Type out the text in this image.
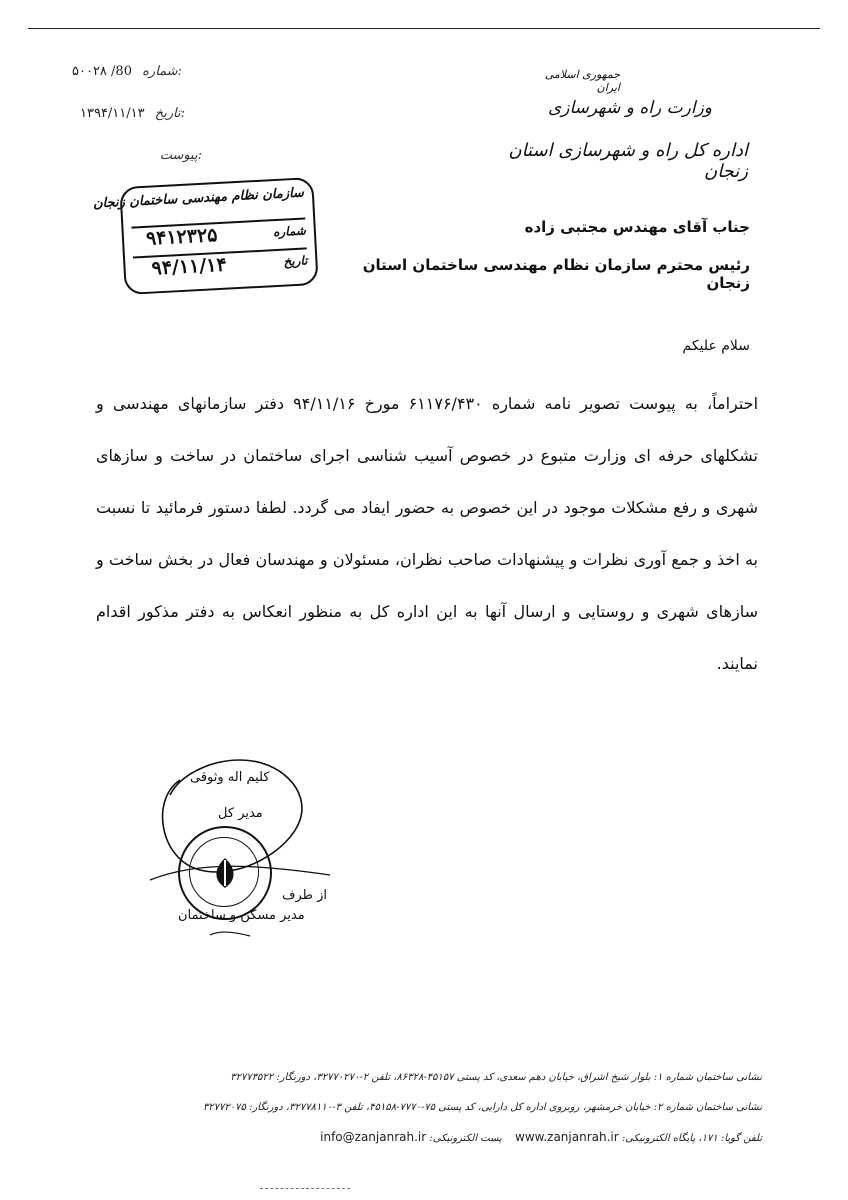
۵۰۰۲۸ /80 شماره:
۱۳۹۴/۱۱/۱۳ تاریخ:
پیوست:
جمهوری اسلامی ایران
وزارت راه و شهرسازی
اداره کل راه و شهرسازی استان زنجان
سازمان نظام مهندسی ساختمان زنجان
شماره
۹۴۱۲۳۲۵
تاریخ
۹۴/۱۱/۱۴
جناب آقای مهندس مجتبی زاده
رئیس محترم سازمان نظام مهندسی ساختمان استان زنجان
سلام علیکم
احتراماً، به پیوست تصویر نامه شماره ۶۱۱۷۶/۴۳۰ مورخ ۹۴/۱۱/۱۶ دفتر سازمانهای مهندسی و تشکلهای حرفه ای وزارت متبوع در خصوص آسیب شناسی اجرای ساختمان در ساخت و سازهای شهری و رفع مشکلات موجود در این خصوص به حضور ایفاد می گردد. لطفا دستور فرمائید تا نسبت به اخذ و جمع آوری نظرات و پیشنهادات صاحب نظران، مسئولان و مهندسان فعال در بخش ساخت و سازهای شهری و روستایی و ارسال آنها به این اداره کل به منظور انعکاس به دفتر مذکور اقدام نمایند.
کلیم اله وثوقی
مدیر کل
از طرف
مدیر مسکن و ساختمان
نشانی ساختمان شماره ۱: بلوار شیخ اشراق، خیابان دهم سعدی، کد پستی ۴۵۱۵۷-۸۶۳۲۸، تلفن ۲-۳۲۷۷۰۲۷۰، دورنگار: ۳۲۷۷۳۵۲۲
نشانی ساختمان شماره ۲: خیابان خرمشهر، روبروی اداره کل دارایی، کد پستی ۷۵-۷۷۷۰-۴۵۱۵۸، تلفن ۳-۳۲۷۷۸۱۱۰، دورنگار: ۳۲۷۷۲۰۷۵
تلفن گویا: ۱۷۱، پایگاه الکترونیکی: www.zanjanrah.ir پست الکترونیکی: info@zanjanrah.ir
